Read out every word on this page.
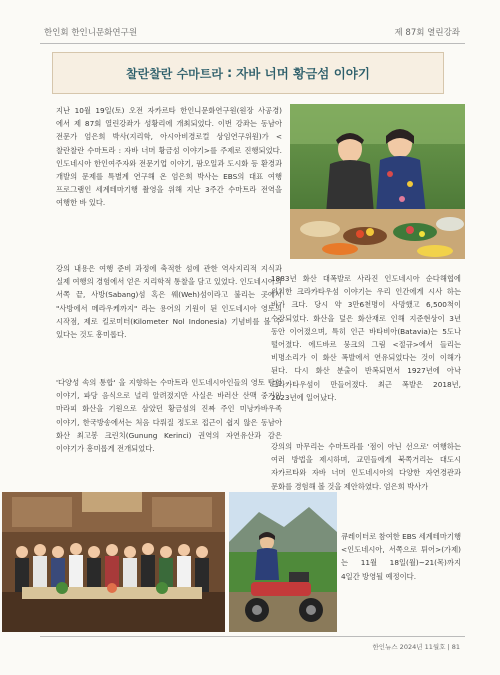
한인회 한인니문화연구원	제 87회 열린강좌
찰란찰란 수마트라 : 자바 너머 황금섬 이야기

지난 10월 19일(토) 오전 자카르타 한인니문화연구원(원장 사공경)에서 제 87회 열린강좌가 성황리에 개최되었다. 이번 강좌는 동남아 전문가 엄은희 박사(지리학, 아시아비경로컬 상임연구위원)가 <찰란찰란 수마트라 : 자바 너머 황금섬 이야기>를 주제로 진행되었다. 인도네시아 한인여주자와 전문기업 이야기, 팜오일과 도시화 등 환경과 개발의 문제를 특별계 연구해 온 엄은희 박사는 EBS의 대표 여행 프로그램인 세계테마기행 촬영을 위해 지난 3주간 수마트라 전역을 여행한 바 있다.

강의 내용은 여행 준비 과정에 축적한 섬에 관한 역사지리적 지식과 실제 여행의 경험에서 얻은 지리학적 통찰을 담고 있었다. 인도네시아의 서쪽 끝, 사방(Sabang)섬 혹은 웨(Weh)섬이라고 불리는 곳에서 "사방에서 메라우케까지" 라는 용어의 기원이 된 인도네시아 영토의 시작점, 제로 킬로미터(Kilometer Nol Indonesia) 기념비를 볼 수 있다는 것도 흥미롭다.

'다양성 속의 통합' 을 지향하는 수마트라 인도네시아인들의 영토 탐험 이야기, 파당 음식으로 널리 알려졌지만 사실은 바러산 산맥 중기인 마라피 화산을 기원으로 삼았던 황금섬의 진짜 주인 미낭카바우족 이야기, 한국방송에서는 처음 다뤄질 정도로 접근이 쉽지 않은 동남아 화산 최고봉 크린치(Gunung Kerinci) 권역의 자연유산과 감은 이야기가 흥미롭게 전개되었다.

1883년 화산 대폭발로 사라진 인도네시아 순다해협에 위치한 크라카타우섬 이야기는 우리 인간에게 시사 하는 바가 크다. 당시 약 3만6천명이 사망했고 6,500척이 수장되었다. 화산을 덮은 화산재로 인해 지준현상이 3년 동안 이어졌으며, 특히 인근 바타비아(Batavia)는 5도나 떨어졌다. 에드바르 뭉크의 그림 <절규>에서 들리는 비명소리가 이 화산 폭발에서 연유되었다는 것이 이해가 된다. 다시 화산 분출이 반복되면서 1927년에 아낙 크라카타우섬이 만들어졌다. 최근 폭발은 2018년, 2023년에 일어났다.

강의의 마무리는 수마트라를 '점이 아닌 선으로' 여행하는 여러 방법을 제시하며, 교민들에게 북쪽거리는 대도시 자카르타와 자바 너머 인도네시아의 다양한 자연경관과 문화를 경험해 볼 것을 제안하였다. 엄은희 박사가

큐레이터로 참여한 EBS 세계테마기행 <인도네시아, 서쪽으로 튀어>(가제)는 11월 18일(월)~21(목)까지 4일간 방영될 예정이다.

한인뉴스 2024년 11월호 | 81
